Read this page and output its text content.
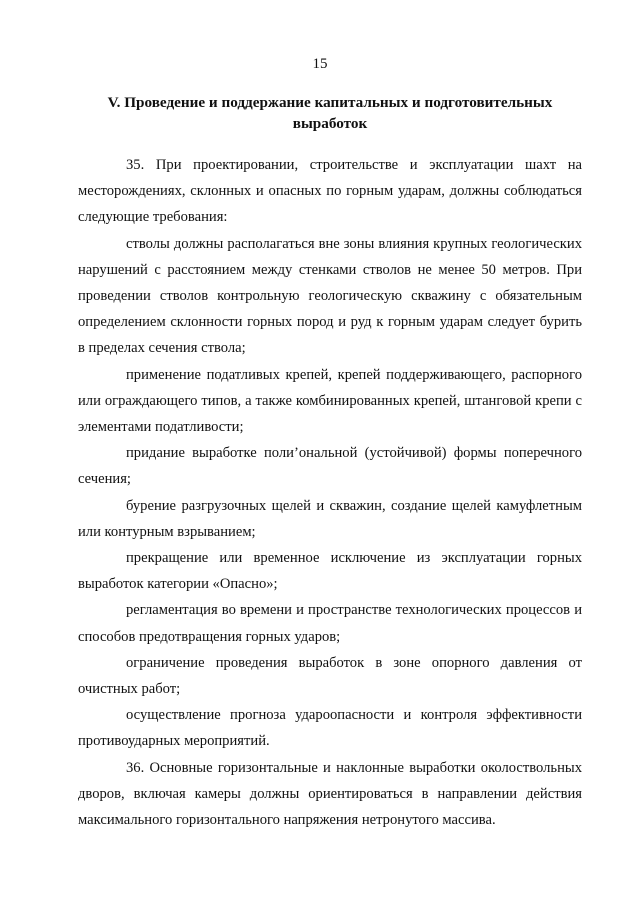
15
V. Проведение и поддержание капитальных и подготовительных
выработок

35. При проектировании, строительстве и эксплуатации шахт на месторождениях, склонных и опасных по горным ударам, должны соблюдаться следующие требования:

стволы должны располагаться вне зоны влияния крупных геологических нарушений с расстоянием между стенками стволов не менее 50 метров. При проведении стволов контрольную геологическую скважину с обязательным определением склонности горных пород и руд к горным ударам следует бурить в пределах сечения ствола;

применение податливых крепей, крепей поддерживающего, распорного или ограждающего типов, а также комбинированных крепей, штанговой крепи с элементами податливости;

придание выработке поли’ональной (устойчивой) формы поперечного сечения;

бурение разгрузочных щелей и скважин, создание щелей камуфлетным или контурным взрыванием;

прекращение или временное исключение из эксплуатации горных выработок категории «Опасно»;

регламентация во времени и пространстве технологических процессов и способов предотвращения горных ударов;

ограничение проведения выработок в зоне опорного давления от очистных работ;

осуществление прогноза удароопасности и контроля эффективности противоударных мероприятий.

36. Основные горизонтальные и наклонные выработки околоствольных дворов, включая камеры должны ориентироваться в направлении действия максимального горизонтального напряжения нетронутого массива.
